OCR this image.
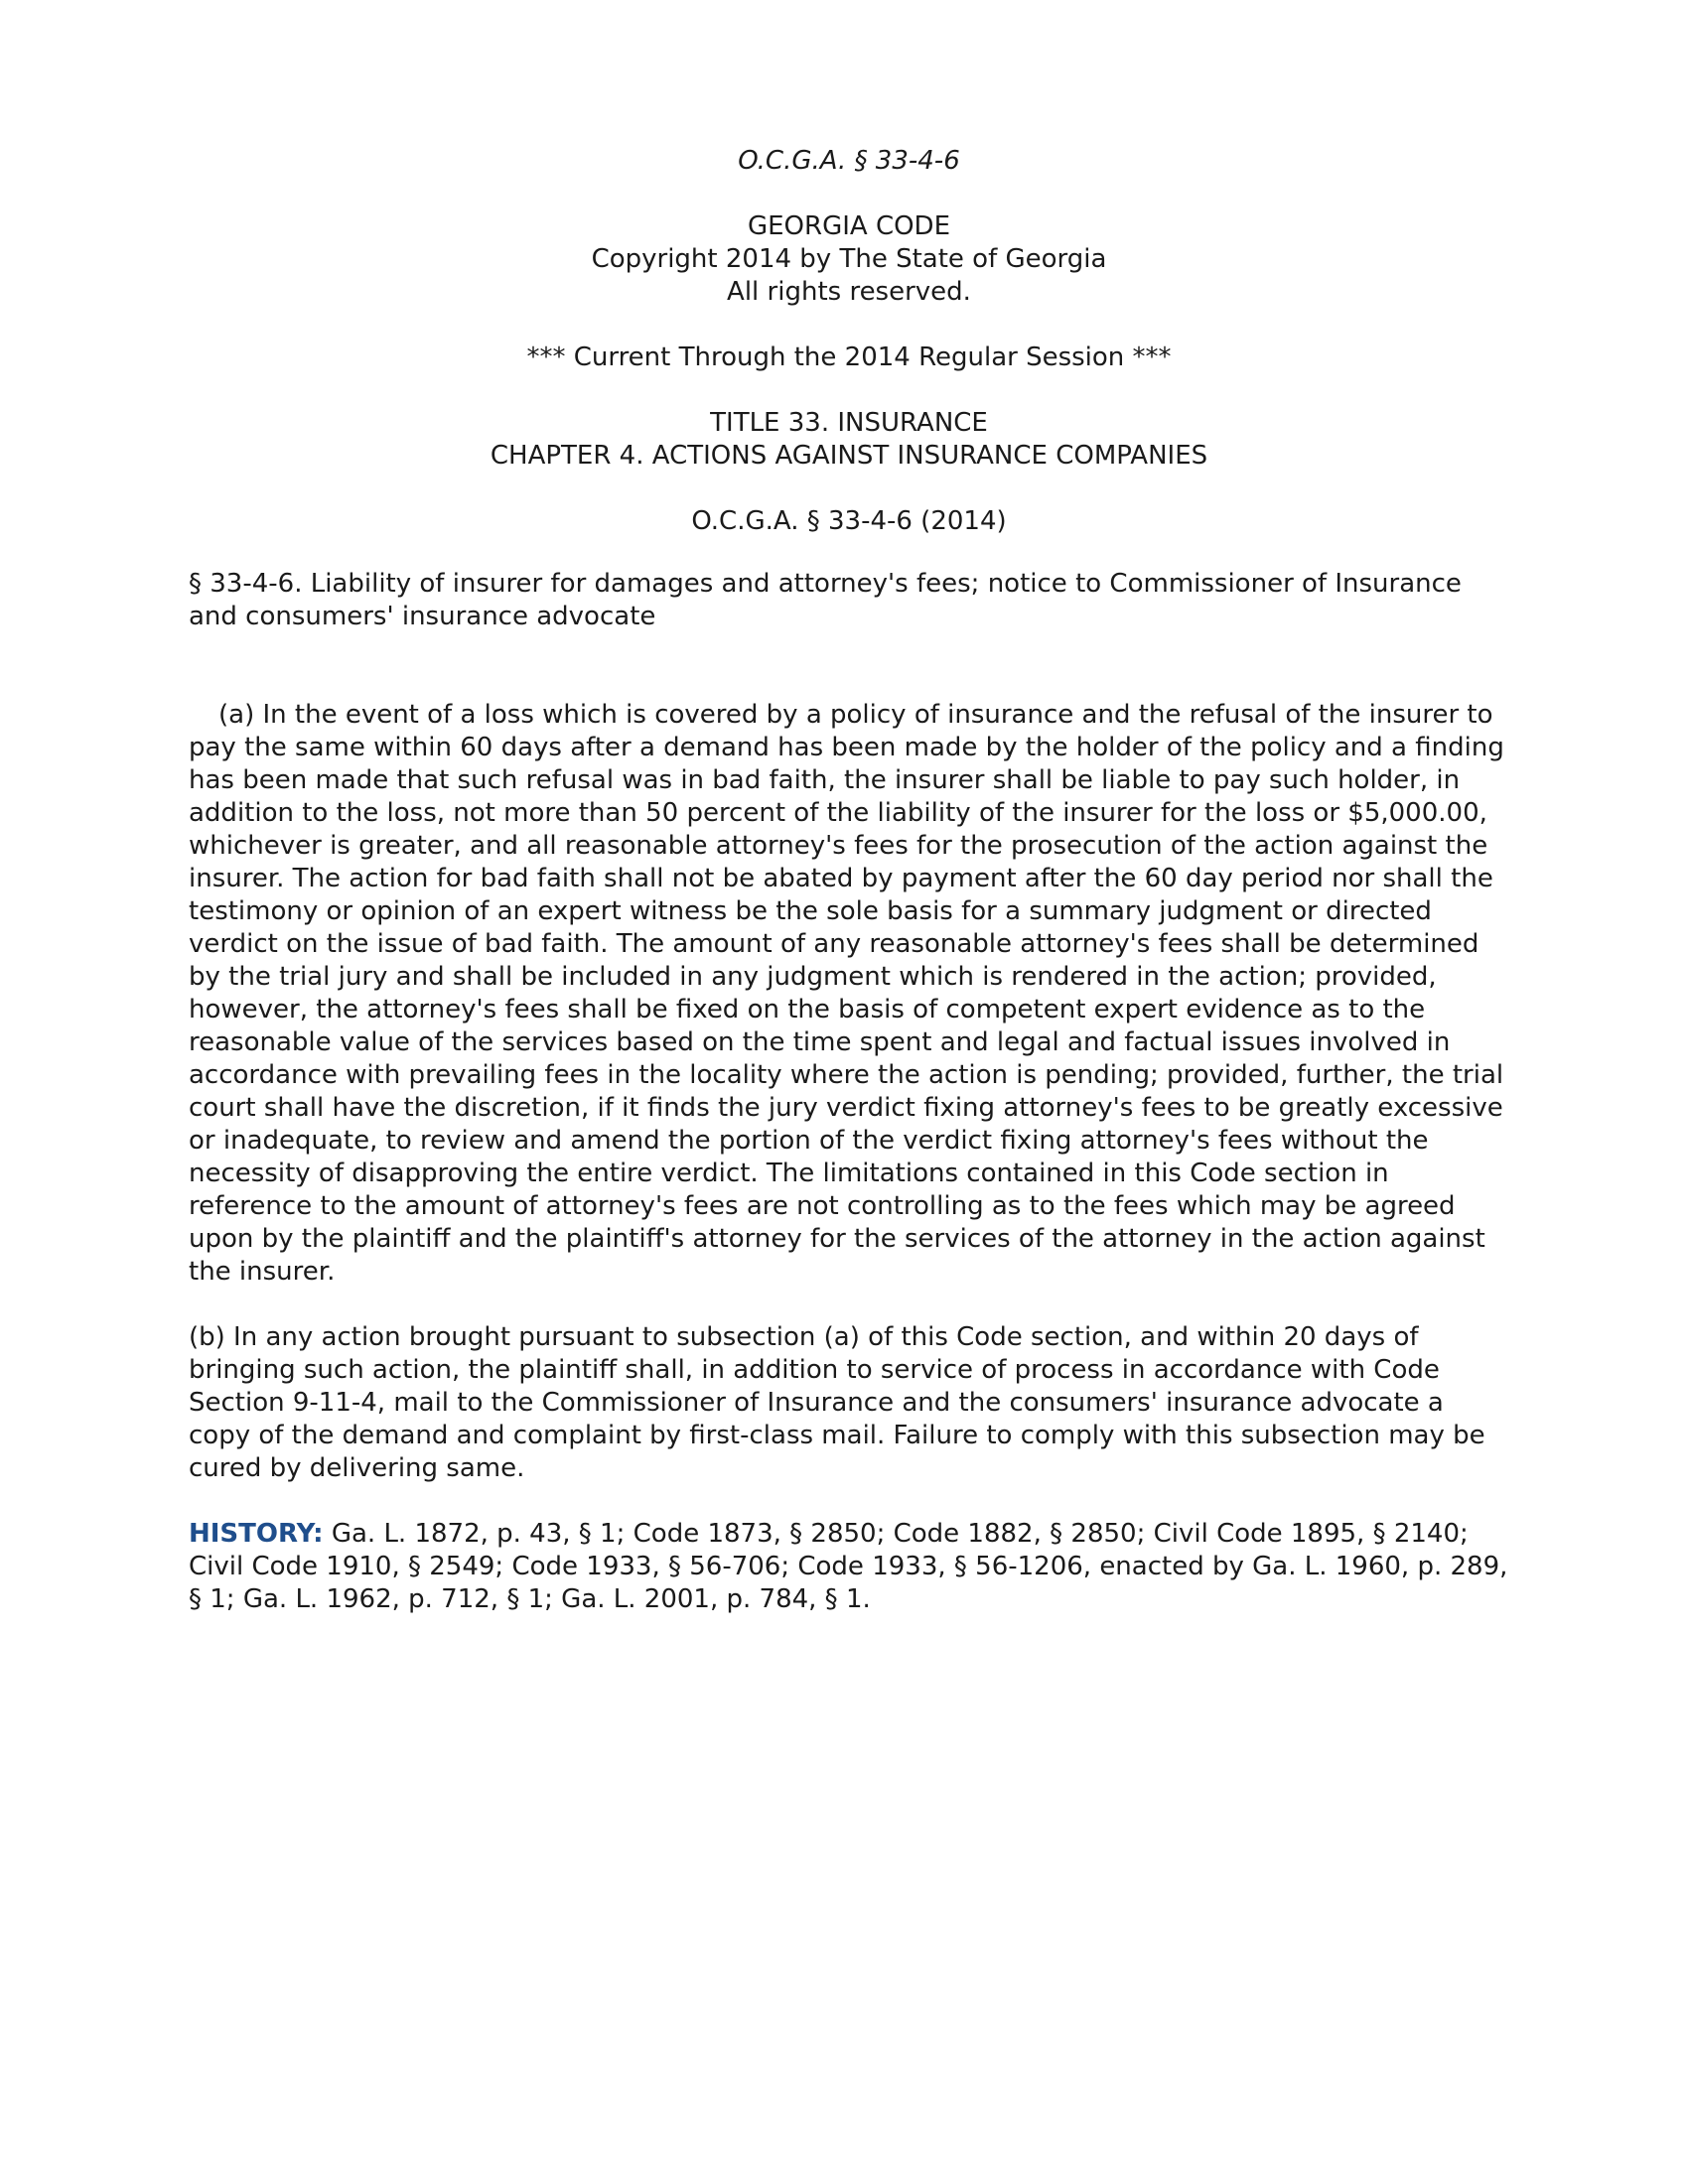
O.C.G.A. § 33-4-6
GEORGIA CODE
Copyright 2014 by The State of Georgia
All rights reserved.
*** Current Through the 2014 Regular Session ***
TITLE 33. INSURANCE
CHAPTER 4. ACTIONS AGAINST INSURANCE COMPANIES
O.C.G.A. § 33-4-6 (2014)
§ 33-4-6. Liability of insurer for damages and attorney's fees; notice to Commissioner of Insurance and consumers' insurance advocate
(a) In the event of a loss which is covered by a policy of insurance and the refusal of the insurer to pay the same within 60 days after a demand has been made by the holder of the policy and a finding has been made that such refusal was in bad faith, the insurer shall be liable to pay such holder, in addition to the loss, not more than 50 percent of the liability of the insurer for the loss or $5,000.00, whichever is greater, and all reasonable attorney's fees for the prosecution of the action against the insurer. The action for bad faith shall not be abated by payment after the 60 day period nor shall the testimony or opinion of an expert witness be the sole basis for a summary judgment or directed verdict on the issue of bad faith. The amount of any reasonable attorney's fees shall be determined by the trial jury and shall be included in any judgment which is rendered in the action; provided, however, the attorney's fees shall be fixed on the basis of competent expert evidence as to the reasonable value of the services based on the time spent and legal and factual issues involved in accordance with prevailing fees in the locality where the action is pending; provided, further, the trial court shall have the discretion, if it finds the jury verdict fixing attorney's fees to be greatly excessive or inadequate, to review and amend the portion of the verdict fixing attorney's fees without the necessity of disapproving the entire verdict. The limitations contained in this Code section in reference to the amount of attorney's fees are not controlling as to the fees which may be agreed upon by the plaintiff and the plaintiff's attorney for the services of the attorney in the action against the insurer.
(b) In any action brought pursuant to subsection (a) of this Code section, and within 20 days of bringing such action, the plaintiff shall, in addition to service of process in accordance with Code Section 9-11-4, mail to the Commissioner of Insurance and the consumers' insurance advocate a copy of the demand and complaint by first-class mail. Failure to comply with this subsection may be cured by delivering same.
HISTORY: Ga. L. 1872, p. 43, § 1; Code 1873, § 2850; Code 1882, § 2850; Civil Code 1895, § 2140; Civil Code 1910, § 2549; Code 1933, § 56-706; Code 1933, § 56-1206, enacted by Ga. L. 1960, p. 289, § 1; Ga. L. 1962, p. 712, § 1; Ga. L. 2001, p. 784, § 1.
